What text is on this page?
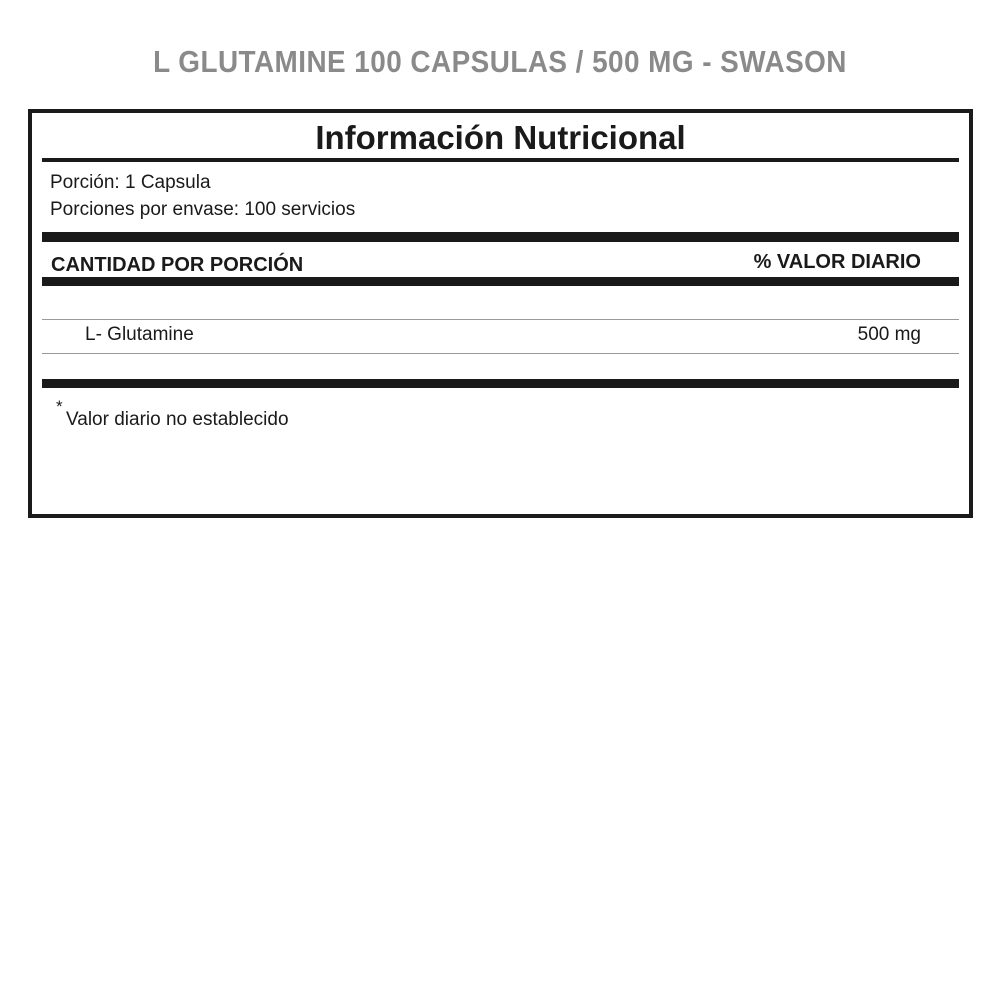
L GLUTAMINE 100 CAPSULAS / 500 MG - SWASON
Información Nutricional
Porción: 1 Capsula
Porciones por envase: 100 servicios
CANTIDAD POR PORCIÓN	% VALOR DIARIO
L- Glutamine	500 mg
*
Valor diario no establecido
